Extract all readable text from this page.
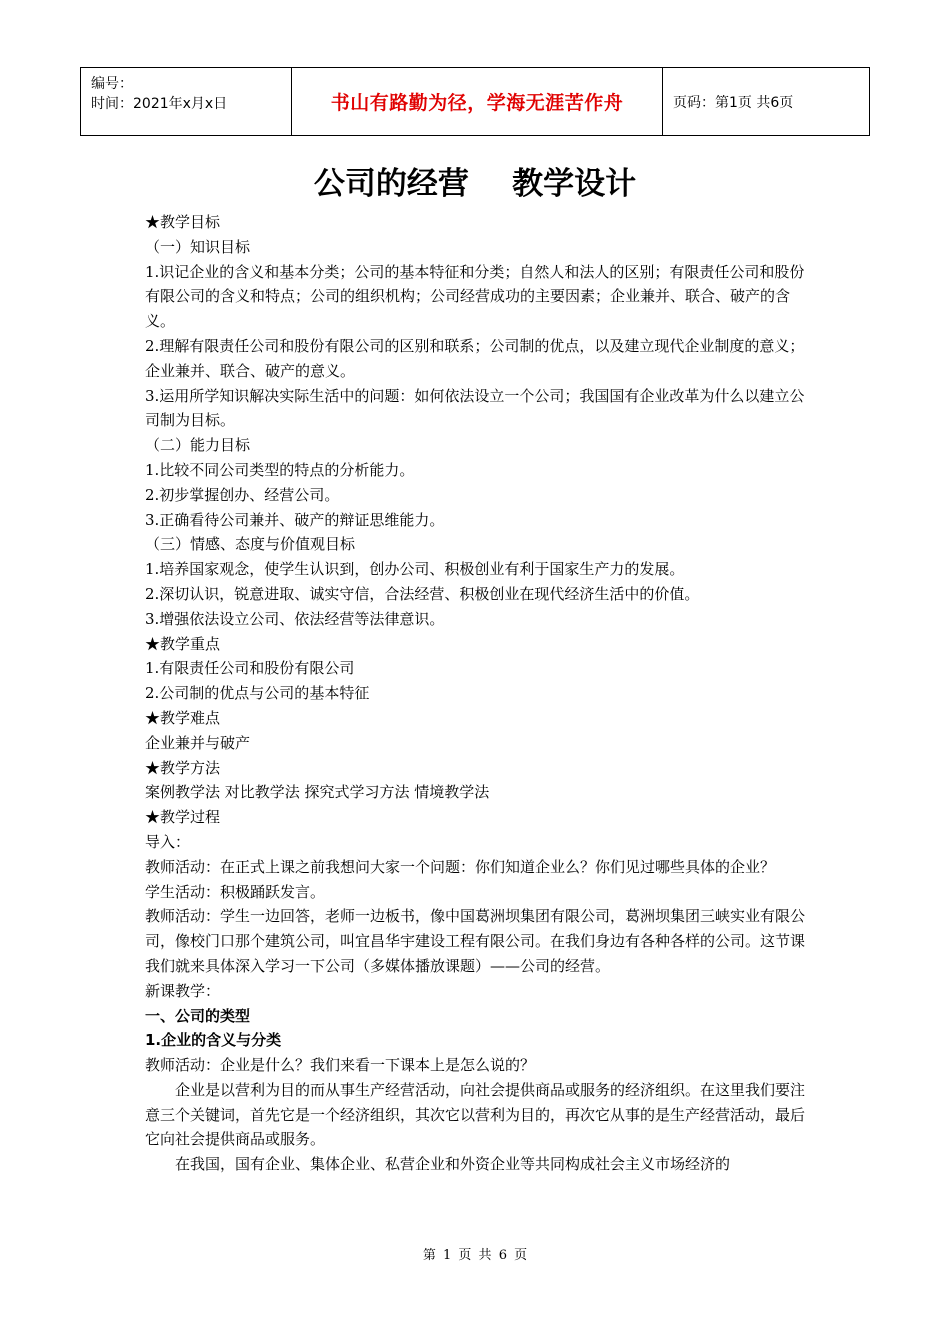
编号：
时间：2021年x月x日	书山有路勤为径，学海无涯苦作舟	页码：第1页 共6页
公司的经营    教学设计

★教学目标

（一）知识目标

1.识记企业的含义和基本分类；公司的基本特征和分类；自然人和法人的区别；有限责任公司和股份有限公司的含义和特点；公司的组织机构；公司经营成功的主要因素；企业兼并、联合、破产的含义。

2.理解有限责任公司和股份有限公司的区别和联系；公司制的优点，以及建立现代企业制度的意义；企业兼并、联合、破产的意义。

3.运用所学知识解决实际生活中的问题：如何依法设立一个公司；我国国有企业改革为什么以建立公司制为目标。

（二）能力目标

1.比较不同公司类型的特点的分析能力。

2.初步掌握创办、经营公司。

3.正确看待公司兼并、破产的辩证思维能力。

（三）情感、态度与价值观目标

1.培养国家观念，使学生认识到，创办公司、积极创业有利于国家生产力的发展。

2.深切认识，锐意进取、诚实守信，合法经营、积极创业在现代经济生活中的价值。

3.增强依法设立公司、依法经营等法律意识。

★教学重点

1.有限责任公司和股份有限公司

2.公司制的优点与公司的基本特征

★教学难点

企业兼并与破产

★教学方法

案例教学法 对比教学法 探究式学习方法 情境教学法

★教学过程

导入：

教师活动：在正式上课之前我想问大家一个问题：你们知道企业么？你们见过哪些具体的企业？

学生活动：积极踊跃发言。

教师活动：学生一边回答，老师一边板书，像中国葛洲坝集团有限公司，葛洲坝集团三峡实业有限公司，像校门口那个建筑公司，叫宜昌华宇建设工程有限公司。在我们身边有各种各样的公司。这节课我们就来具体深入学习一下公司（多媒体播放课题）——公司的经营。

新课教学：

一、公司的类型

1.企业的含义与分类

教师活动：企业是什么？我们来看一下课本上是怎么说的？

企业是以营利为目的而从事生产经营活动，向社会提供商品或服务的经济组织。在这里我们要注意三个关键词，首先它是一个经济组织，其次它以营利为目的，再次它从事的是生产经营活动，最后它向社会提供商品或服务。

在我国，国有企业、集体企业、私营企业和外资企业等共同构成社会主义市场经济的

第 1 页 共 6 页
